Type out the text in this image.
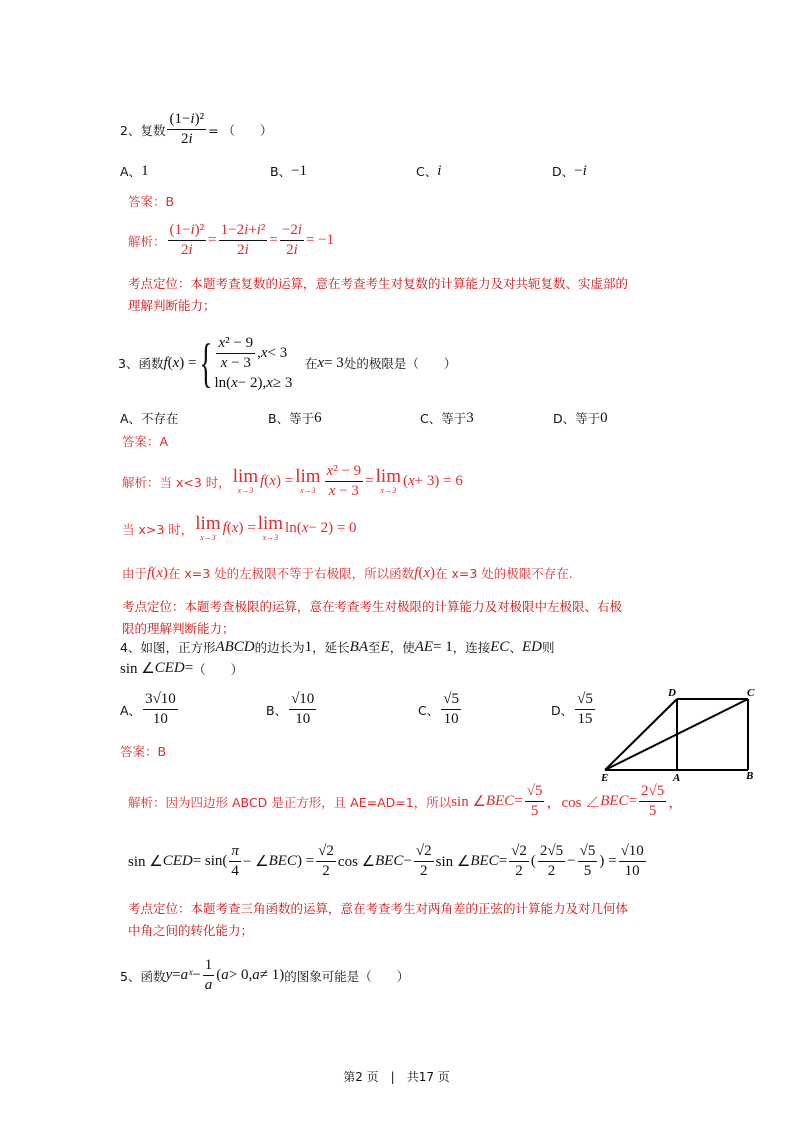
2、复数 $\frac{\text{(1−i)²}}{2i}$ = （　　）
A、 1	B、 −1	C、 i	D、 − i
答案：B
解析： $\frac{\text{(1−i)²}}{2i} = \frac{\text{1−2i+i²}}{2i} = \frac{-2i}{2i} = -1$
考点定位：本题考查复数的运算，意在考查考生对复数的计算能力及对共轭复数、实虚部的
理解判断能力；
3、函数 f ( x ) = { $\frac{\text{x² − 9}}{x - 3}$ , x < 3
ln( x − 2), x ≥ 3
　在 x = 3 处的极限是（　　）
A、不存在	B、等于 6	C、等于 3	D、等于 0
答案：A
解析：当 x<3 时， lim
x→3
f ( x ) = lim
$x\to 3 \frac{\text{x² − 9}}{x - 3} = \lim$
x→3
( x + 3) = 6
当 x>3 时， lim
x→3
f ( x ) = lim
x→3
ln( x − 2) = 0
由于 f ( x ) 在 x=3 处的左极限不等于右极限，所以函数 f ( x ) 在 x=3 处的极限不存在.
考点定位：本题考查极限的运算，意在考查考生对极限的计算能力及对极限中左极限、右极
限的理解判断能力；
4、如图，正方形 ABCD 的边长为 1 ，延长 BA 至 E ，使 AE = 1 ，连接 EC 、 ED 则
sin ∠ CED = （　　）
A、 $\frac{3√10}{10}$	B、 $\frac{√10}{10}$	C、 $\frac{√5}{10}$	D、 $\frac{√5}{15}$
答案：B
D	C
E	A	B
解析：因为四边形 ABCD 是正方形，且 AE=AD=1，所以 sin ∠ BEC = $\frac{√5}{5}$ ，cos ∠ BEC = $\frac{2√5}{5}$ ，
sin ∠ CED = $\sin( \frac{\pi}{4}$ − ∠ BEC ) = $\frac{√2}{2}$ cos ∠ BEC − $\frac{√2}{2}$ sin ∠ BEC = $\frac{√2}{2}$ ( $\frac{2√5}{2} - \frac{√5}{5}$ ) = $\frac{√10}{10}$
考点定位：本题考查三角函数的运算，意在考查考生对两角差的正弦的计算能力及对几何体
中角之间的转化能力；
5、函数 y = a ˣ − $\frac{1}{a}$ ( a > 0, a ≠ 1) 的图象可能是（　　）
第2 页　|　共17 页
